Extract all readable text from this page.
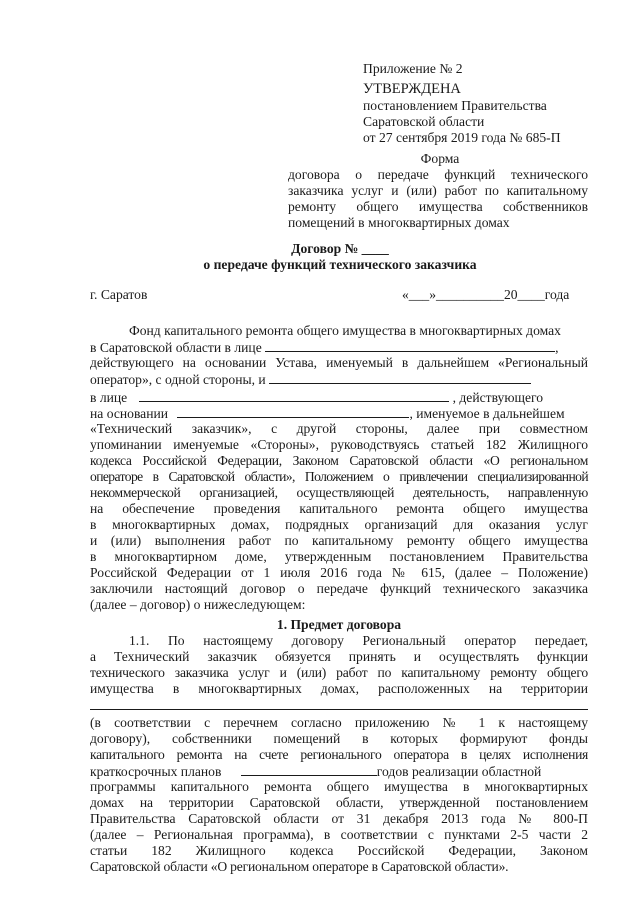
Приложение № 2
УТВЕРЖДЕНА
постановлением Правительства
Саратовской области
от 27 сентября 2019 года № 685-П
Форма
договора о передаче функций технического
заказчика услуг и (или) работ по капитальному
ремонту общего имущества собственников
помещений в многоквартирных домах
Договор № ____
о передаче функций технического заказчика
г. Саратов	«___»__________20____года
Фонд капитального ремонта общего имущества в многоквартирных домах
в Саратовской области в лице	,
действующего на основании Устава, именуемый в дальнейшем «Региональный
оператор», с одной стороны, и
в лице	, действующего
на основании	, именуемое в дальнейшем
«Технический заказчик», с другой стороны, далее при совместном
упоминании именуемые «Стороны», руководствуясь статьей 182 Жилищного
кодекса Российской Федерации, Законом Саратовской области «О региональном
операторе в Саратовской области», Положением о привлечении специализированной
некоммерческой организацией, осуществляющей деятельность, направленную
на обеспечение проведения капитального ремонта общего имущества
в многоквартирных домах, подрядных организаций для оказания услуг
и (или) выполнения работ по капитальному ремонту общего имущества
в многоквартирном доме, утвержденным постановлением Правительства
Российской Федерации от 1 июля 2016 года № 615, (далее – Положение)
заключили настоящий договор о передаче функций технического заказчика
(далее – договор) о нижеследующем:
1. Предмет договора
1.1. По настоящему договору Региональный оператор передает,
а Технический заказчик обязуется принять и осуществлять функции
технического заказчика услуг и (или) работ по капитальному ремонту общего
имущества в многоквартирных домах, расположенных на территории
(в соответствии с перечнем согласно приложению № 1 к настоящему
договору), собственники помещений в которых формируют фонды
капитального ремонта на счете регионального оператора в целях исполнения
краткосрочных планов	годов реализации областной
программы капитального ремонта общего имущества в многоквартирных
домах на территории Саратовской области, утвержденной постановлением
Правительства Саратовской области от 31 декабря 2013 года № 800-П
(далее – Региональная программа), в соответствии с пунктами 2-5 части 2
статьи 182 Жилищного кодекса Российской Федерации, Законом
Саратовской области «О региональном операторе в Саратовской области».
